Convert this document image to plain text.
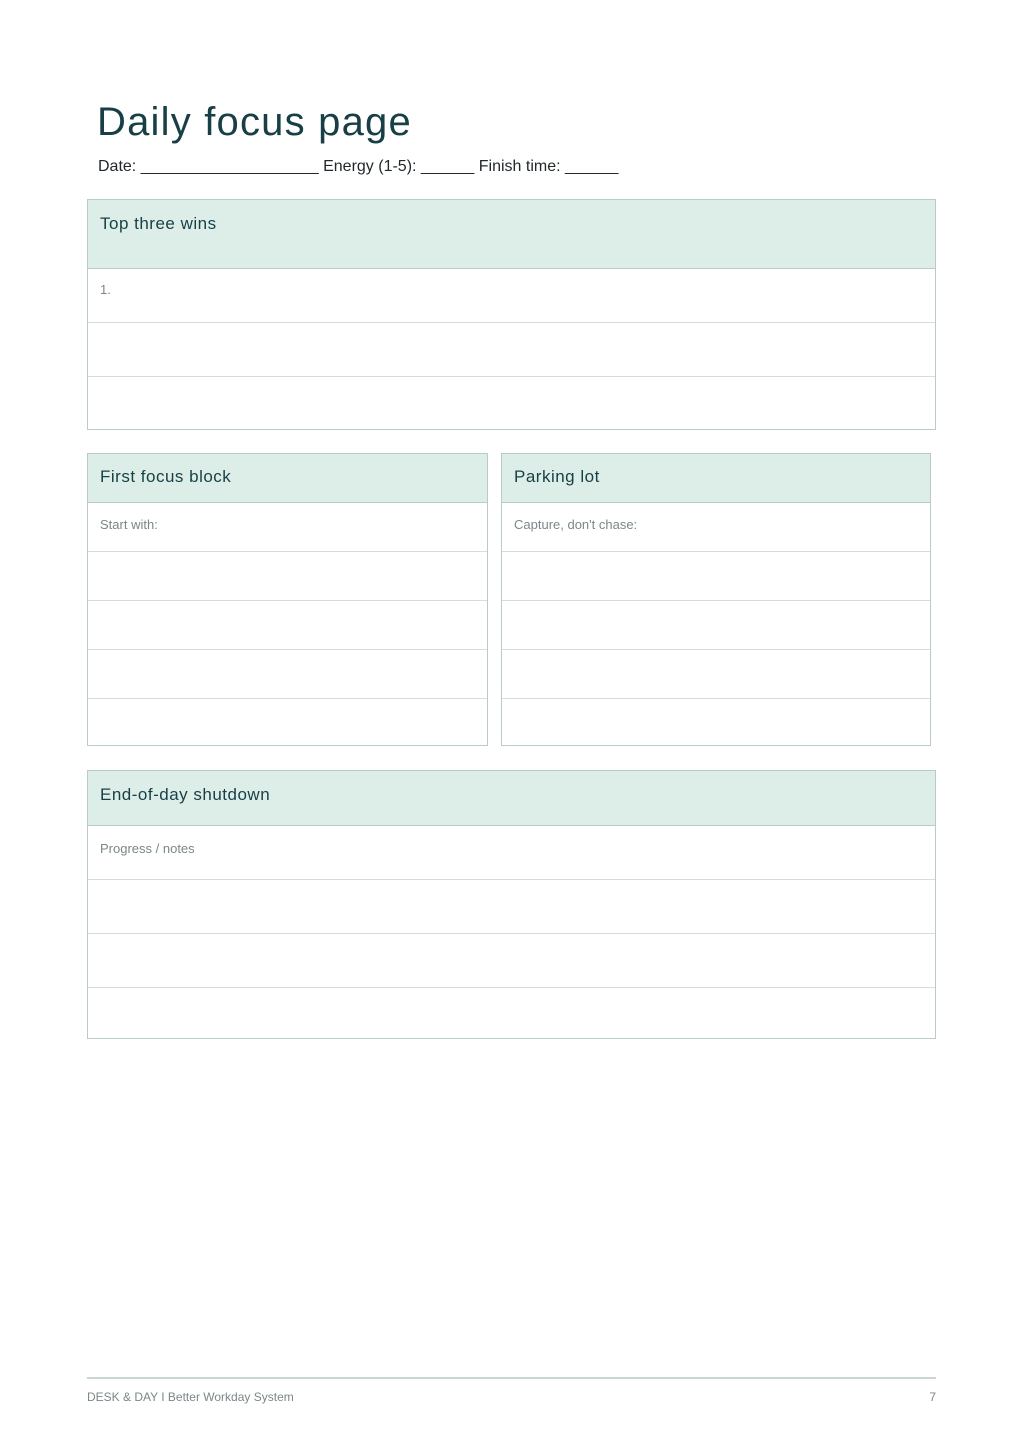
Daily focus page
Date: ____________________ Energy (1-5): ______ Finish time: ______
Top three wins
1.
First focus block
Start with:
Parking lot
Capture, don't chase:
End-of-day shutdown
Progress / notes
DESK & DAY I Better Workday System	7
